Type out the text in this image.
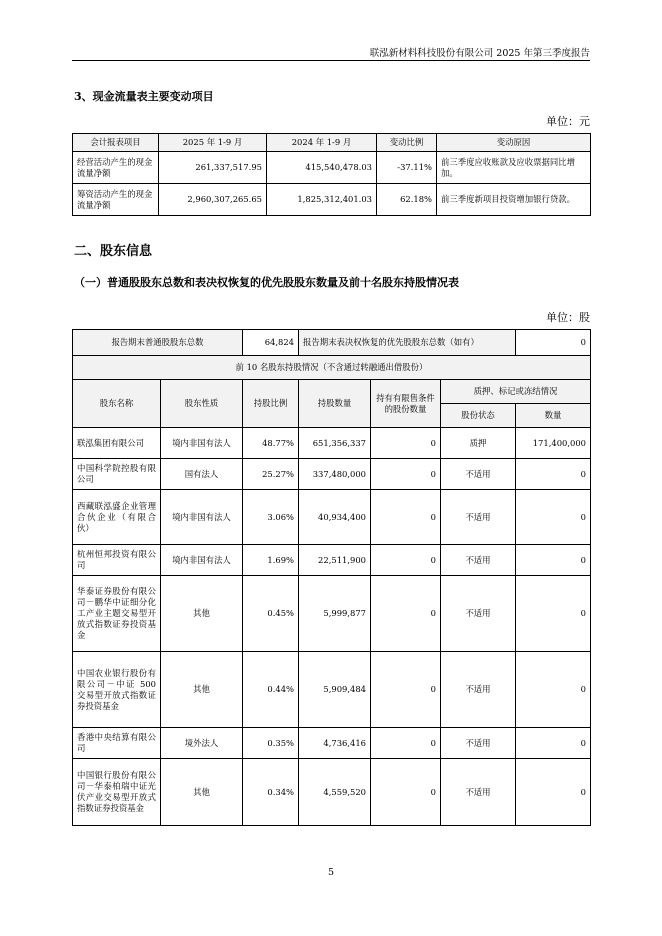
联泓新材料科技股份有限公司 2025 年第三季度报告
3、现金流量表主要变动项目
单位：元
会计报表项目	2025 年 1-9 月	2024 年 1-9 月	变动比例	变动原因
经营活动产生的现金流量净额	261,337,517.95	415,540,478.03	-37.11%	前三季度应收账款及应收票据同比增加。
筹资活动产生的现金流量净额	2,960,307,265.65	1,825,312,401.03	62.18%	前三季度新项目投资增加银行贷款。
二、股东信息
（一）普通股股东总数和表决权恢复的优先股股东数量及前十名股东持股情况表
单位：股
报告期末普通股股东总数		64,824	报告期末表决权恢复的优先股股东总数（如有）			0
前 10 名股东持股情况（不含通过转融通出借股份）						
股东名称	股东性质	持股比例	持股数量	持有有限售条件的股份数量	质押、标记或冻结情况	
					股份状态	数量
联泓集团有限公司	境内非国有法人	48.77%	651,356,337	0	质押	171,400,000
中国科学院控股有限公司	国有法人	25.27%	337,480,000	0	不适用	0
西藏联泓盛企业管理合伙企业（有限合伙）	境内非国有法人	3.06%	40,934,400	0	不适用	0
杭州恒邦投资有限公司	境内非国有法人	1.69%	22,511,900	0	不适用	0
华泰证券股份有限公司－鹏华中证细分化工产业主题交易型开放式指数证券投资基金	其他	0.45%	5,999,877	0	不适用	0
中国农业银行股份有限公司－中证 500 交易型开放式指数证券投资基金	其他	0.44%	5,909,484	0	不适用	0
香港中央结算有限公司	境外法人	0.35%	4,736,416	0	不适用	0
中国银行股份有限公司－华泰柏瑞中证光伏产业交易型开放式指数证券投资基金	其他	0.34%	4,559,520	0	不适用	0
5
